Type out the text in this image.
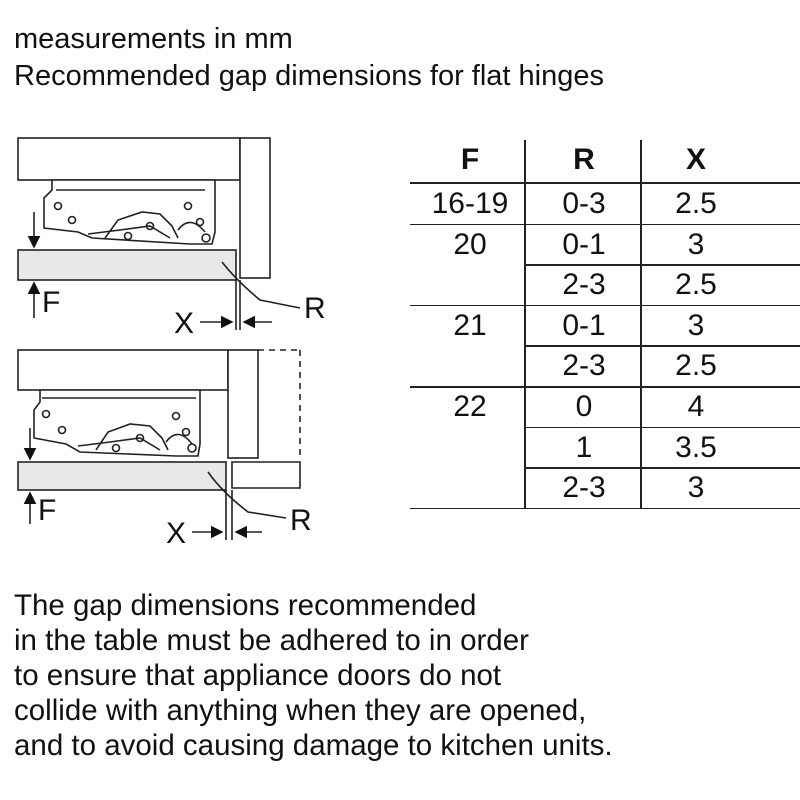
measurements in mm
Recommended gap dimensions for flat hinges
F
X	R
F
X	R
F	R	X
16-19	0-3	2.5
20	0-1	3
2-3	2.5
21	0-1	3
2-3	2.5
22	0	4
1	3.5
2-3	3
The gap dimensions recommended
in the table must be adhered to in order
to ensure that appliance doors do not
collide with anything when they are opened,
and to avoid causing damage to kitchen units.
